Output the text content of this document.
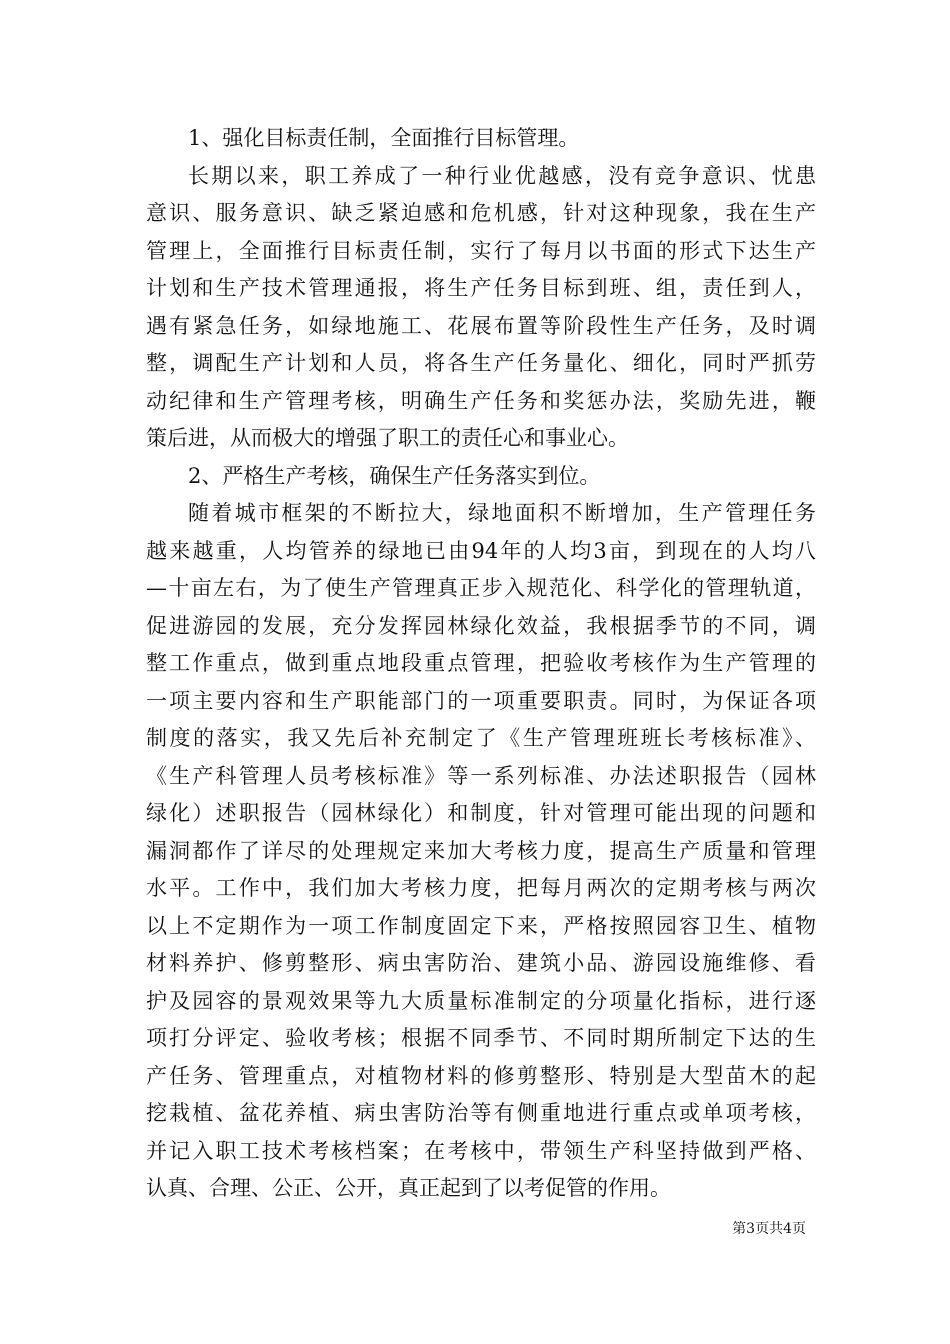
1、强化目标责任制，全面推行目标管理。
长期以来，职工养成了一种行业优越感，没有竞争意识、忧患
意识、服务意识、缺乏紧迫感和危机感，针对这种现象，我在生产
管理上，全面推行目标责任制，实行了每月以书面的形式下达生产
计划和生产技术管理通报，将生产任务目标到班、组，责任到人，
遇有紧急任务，如绿地施工、花展布置等阶段性生产任务，及时调
整，调配生产计划和人员，将各生产任务量化、细化，同时严抓劳
动纪律和生产管理考核，明确生产任务和奖惩办法，奖励先进，鞭
策后进，从而极大的增强了职工的责任心和事业心。
2、严格生产考核，确保生产任务落实到位。
随着城市框架的不断拉大，绿地面积不断增加，生产管理任务
越来越重，人均管养的绿地已由94年的人均3亩，到现在的人均八
—十亩左右，为了使生产管理真正步入规范化、科学化的管理轨道，
促进游园的发展，充分发挥园林绿化效益，我根据季节的不同，调
整工作重点，做到重点地段重点管理，把验收考核作为生产管理的
一项主要内容和生产职能部门的一项重要职责。同时，为保证各项
制度的落实，我又先后补充制定了《生产管理班班长考核标准》、
《生产科管理人员考核标准》等一系列标准、办法述职报告（园林
绿化）述职报告（园林绿化）和制度，针对管理可能出现的问题和
漏洞都作了详尽的处理规定来加大考核力度，提高生产质量和管理
水平。工作中，我们加大考核力度，把每月两次的定期考核与两次
以上不定期作为一项工作制度固定下来，严格按照园容卫生、植物
材料养护、修剪整形、病虫害防治、建筑小品、游园设施维修、看
护及园容的景观效果等九大质量标准制定的分项量化指标，进行逐
项打分评定、验收考核；根据不同季节、不同时期所制定下达的生
产任务、管理重点，对植物材料的修剪整形、特别是大型苗木的起
挖栽植、盆花养植、病虫害防治等有侧重地进行重点或单项考核，
并记入职工技术考核档案；在考核中，带领生产科坚持做到严格、
认真、合理、公正、公开，真正起到了以考促管的作用。
第3页共4页
